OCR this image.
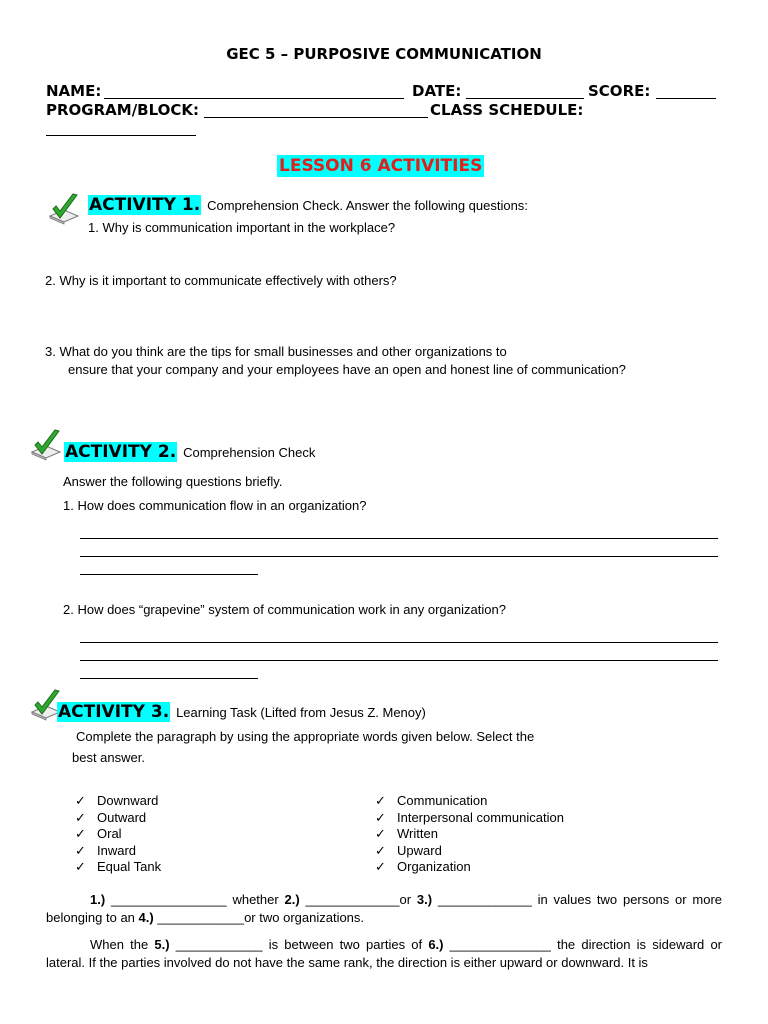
GEC 5 – PURPOSIVE COMMUNICATION
NAME:	DATE:	SCORE:
PROGRAM/BLOCK:	CLASS SCHEDULE:
LESSON 6 ACTIVITIES
ACTIVITY 1. Comprehension Check. Answer the following questions:
1. Why is communication important in the workplace?
2. Why is it important to communicate effectively with others?
3. What do you think are the tips for small businesses and other organizations to
ensure that your company and your employees have an open and honest line of communication?
ACTIVITY 2. Comprehension Check
Answer the following questions briefly.
1. How does communication flow in an organization?
2. How does “grapevine” system of communication work in any organization?
ACTIVITY 3. Learning Task (Lifted from Jesus Z. Menoy)
Complete the paragraph by using the appropriate words given below. Select the
best answer.
✓ Downward
✓ Outward
✓ Oral
✓ Inward
✓ Equal Tank
✓ Communication
✓ Interpersonal communication
✓ Written
✓ Upward
✓ Organization

1.) ________________ whether 2.) _____________or 3.) _____________ in values two persons or more belonging to an 4.) ____________or two organizations.

When the 5.) ____________ is between two parties of 6.) ______________ the direction is sideward or lateral. If the parties involved do not have the same rank, the direction is either upward or downward. It is
